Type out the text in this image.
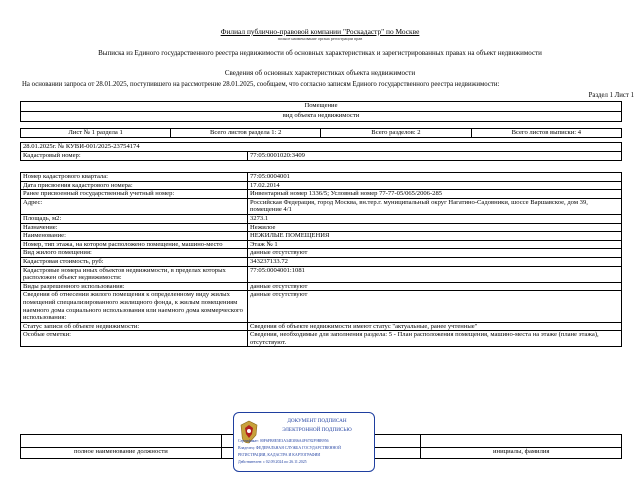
Филиал публично-правовой компании "Роскадастр" по Москве
полное наименование органа регистрации прав
Выписка из Единого государственного реестра недвижимости об основных характеристиках и зарегистрированных правах на объект недвижимости
Сведения об основных характеристиках объекта недвижимости
На основании запроса от 28.01.2025, поступившего на рассмотрение 28.01.2025, сообщаем, что согласно записям Единого государственного реестра недвижимости:
Раздел 1 Лист 1
Помещение
вид объекта недвижимости
Лист № 1 раздела 1	Всего листов раздела 1: 2	Всего разделов: 2	Всего листов выписки: 4
28.01.2025г. № КУВИ-001/2025-23754174
Кадастровый номер:	77:05:0001020:3409
Номер кадастрового квартала:	77:05:0004001
Дата присвоения кадастрового номера:	17.02.2014
Ранее присвоенный государственный учетный номер:	Инвентарный номер 1336/5; Условный номер 77-77-05/065/2006-285
Адрес:	Российская Федерация, город Москва, вн.тер.г. муниципальный округ Нагатино-Садовники, шоссе Варшавское, дом 39, помещение 4/1
Площадь, м2:	3273.1
Назначение:	Нежилое
Наименование:	НЕЖИЛЫЕ ПОМЕЩЕНИЯ
Номер, тип этажа, на котором расположено помещение, машино-место	Этаж № 1
Вид жилого помещения:	данные отсутствуют
Кадастровая стоимость, руб:	343237133.72
Кадастровые номера иных объектов недвижимости, в пределах которых расположен объект недвижимости:	77:05:0004001:1081
Виды разрешенного использования:	данные отсутствуют
Сведения об отнесении жилого помещения к определенному виду жилых помещений специализированного жилищного фонда, к жилым помещениям наемного дома социального использования или наемного дома коммерческого использования:	данные отсутствуют
Статус записи об объекте недвижимости:	Сведения об объекте недвижимости имеют статус "актуальные, ранее учтенные"
Особые отметки:	Сведения, необходимые для заполнения раздела: 5 - План расположения помещения, машино-места на этаже (плане этажа), отсутствуют.

полное наименование должности		инициалы, фамилия
ДОКУМЕНТ ПОДПИСАН
ЭЛЕКТРОННОЙ ПОДПИСЬЮ
Сертификат: 00F6FB8E5E3A34E3B6A4F6782F9BB956
Владелец: ФЕДЕРАЛЬНАЯ СЛУЖБА ГОСУДАРСТВЕННОЙ
РЕГИСТРАЦИИ, КАДАСТРА И КАРТОГРАФИИ
Действителен: с 02.09.2024 по 26.11.2025
